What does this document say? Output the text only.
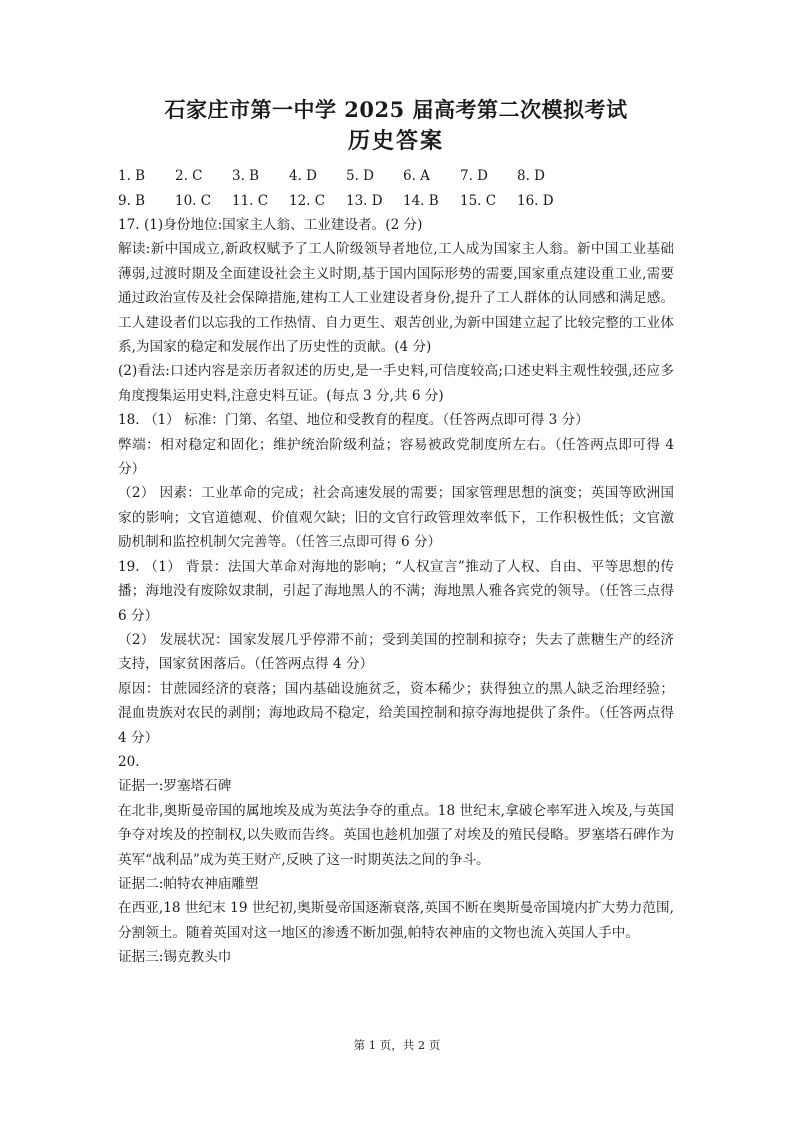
石家庄市第一中学 2025 届高考第二次模拟考试
历史答案
1. B	2. C	3. B	4. D	5. D	6. A	7. D	8. D
9. B	10. C	11. C	12. C	13. D	14. B	15. C	16. D

17. (1)身份地位:国家主人翁、工业建设者。(2 分)

解读:新中国成立,新政权赋予了工人阶级领导者地位,工人成为国家主人翁。新中国工业基础薄弱,过渡时期及全面建设社会主义时期,基于国内国际形势的需要,国家重点建设重工业,需要通过政治宣传及社会保障措施,建构工人工业建设者身份,提升了工人群体的认同感和满足感。工人建设者们以忘我的工作热情、自力更生、艰苦创业,为新中国建立起了比较完整的工业体系,为国家的稳定和发展作出了历史性的贡献。(4 分)

(2)看法:口述内容是亲历者叙述的历史,是一手史料,可信度较高;口述史料主观性较强,还应多角度搜集运用史料,注意史料互证。(每点 3 分,共 6 分)

18. （1） 标准：门第、名望、地位和受教育的程度。（任答两点即可得 3 分）

弊端：相对稳定和固化；维护统治阶级利益；容易被政党制度所左右。（任答两点即可得 4 分）

（2） 因素：工业革命的完成；社会高速发展的需要；国家管理思想的演变；英国等欧洲国家的影响；文官道德观、价值观欠缺；旧的文官行政管理效率低下，工作积极性低；文官激励机制和监控机制欠完善等。（任答三点即可得 6 分）

19. （1） 背景：法国大革命对海地的影响；“人权宣言”推动了人权、自由、平等思想的传播；海地没有废除奴隶制，引起了海地黑人的不满；海地黑人雅各宾党的领导。（任答三点得 6 分）

（2） 发展状况：国家发展几乎停滞不前；受到美国的控制和掠夺；失去了蔗糖生产的经济支持，国家贫困落后。（任答两点得 4 分）

原因：甘蔗园经济的衰落；国内基础设施贫乏，资本稀少；获得独立的黑人缺乏治理经验；混血贵族对农民的剥削；海地政局不稳定，给美国控制和掠夺海地提供了条件。（任答两点得 4 分）

20.

证据一:罗塞塔石碑

在北非,奥斯曼帝国的属地埃及成为英法争夺的重点。18 世纪末,拿破仑率军进入埃及,与英国争夺对埃及的控制权,以失败而告终。英国也趁机加强了对埃及的殖民侵略。罗塞塔石碑作为英军“战利品”成为英王财产,反映了这一时期英法之间的争斗。

证据二:帕特农神庙雕塑

在西亚,18 世纪末 19 世纪初,奥斯曼帝国逐渐衰落,英国不断在奥斯曼帝国境内扩大势力范围,分割领土。随着英国对这一地区的渗透不断加强,帕特农神庙的文物也流入英国人手中。

证据三:锡克教头巾

第 1 页，共 2 页
